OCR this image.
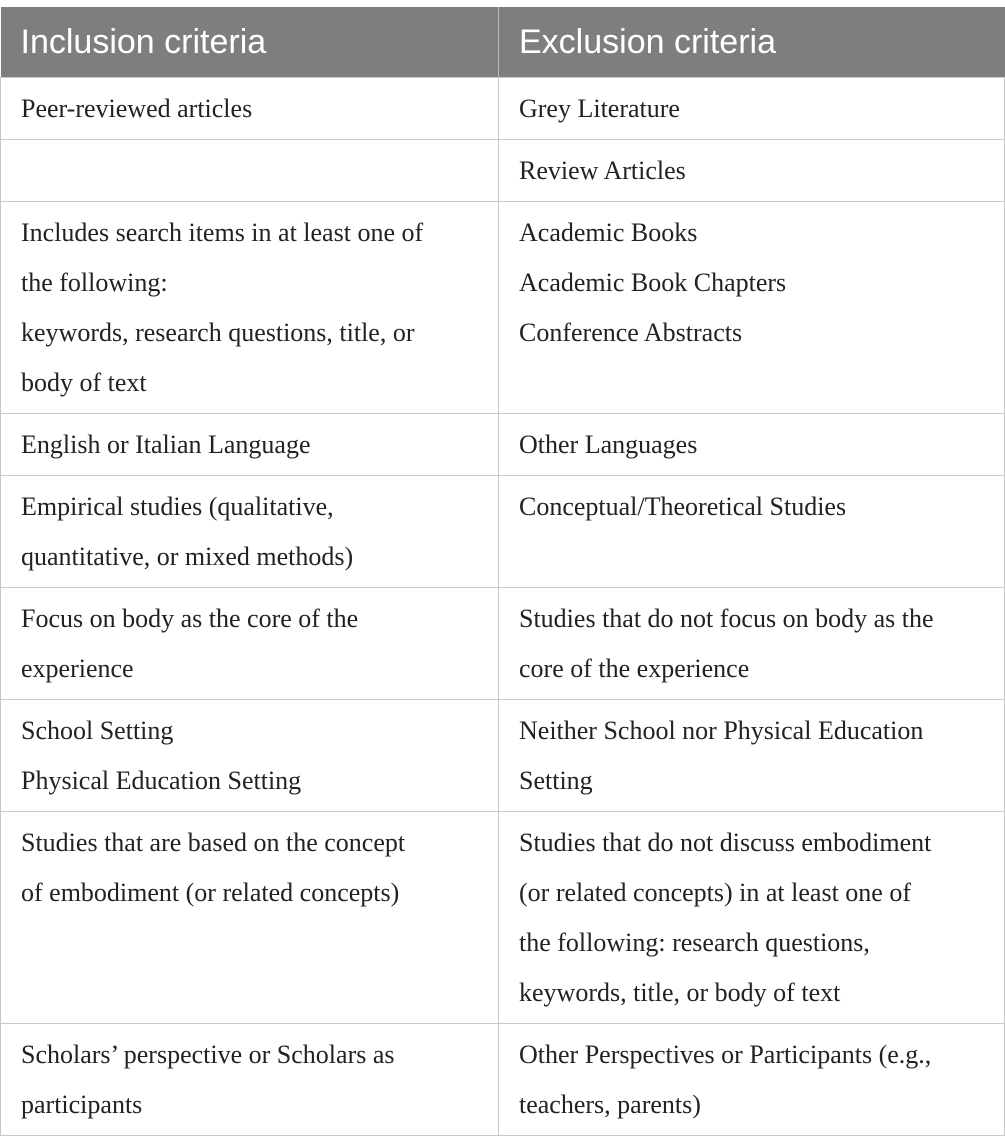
Inclusion criteria	Exclusion criteria

Peer-reviewed articles	Grey Literature

	Review Articles

Includes search items in at least one of
the following:
keywords, research questions, title, or
body of text	Academic Books
Academic Book Chapters
Conference Abstracts

English or Italian Language	Other Languages

Empirical studies (qualitative,
quantitative, or mixed methods)	Conceptual/Theoretical Studies

Focus on body as the core of the
experience	Studies that do not focus on body as the
core of the experience

School Setting
Physical Education Setting	Neither School nor Physical Education
Setting

Studies that are based on the concept
of embodiment (or related concepts)	Studies that do not discuss embodiment
(or related concepts) in at least one of
the following: research questions,
keywords, title, or body of text

Scholars’ perspective or Scholars as
participants	Other Perspectives or Participants (e.g.,
teachers, parents)
